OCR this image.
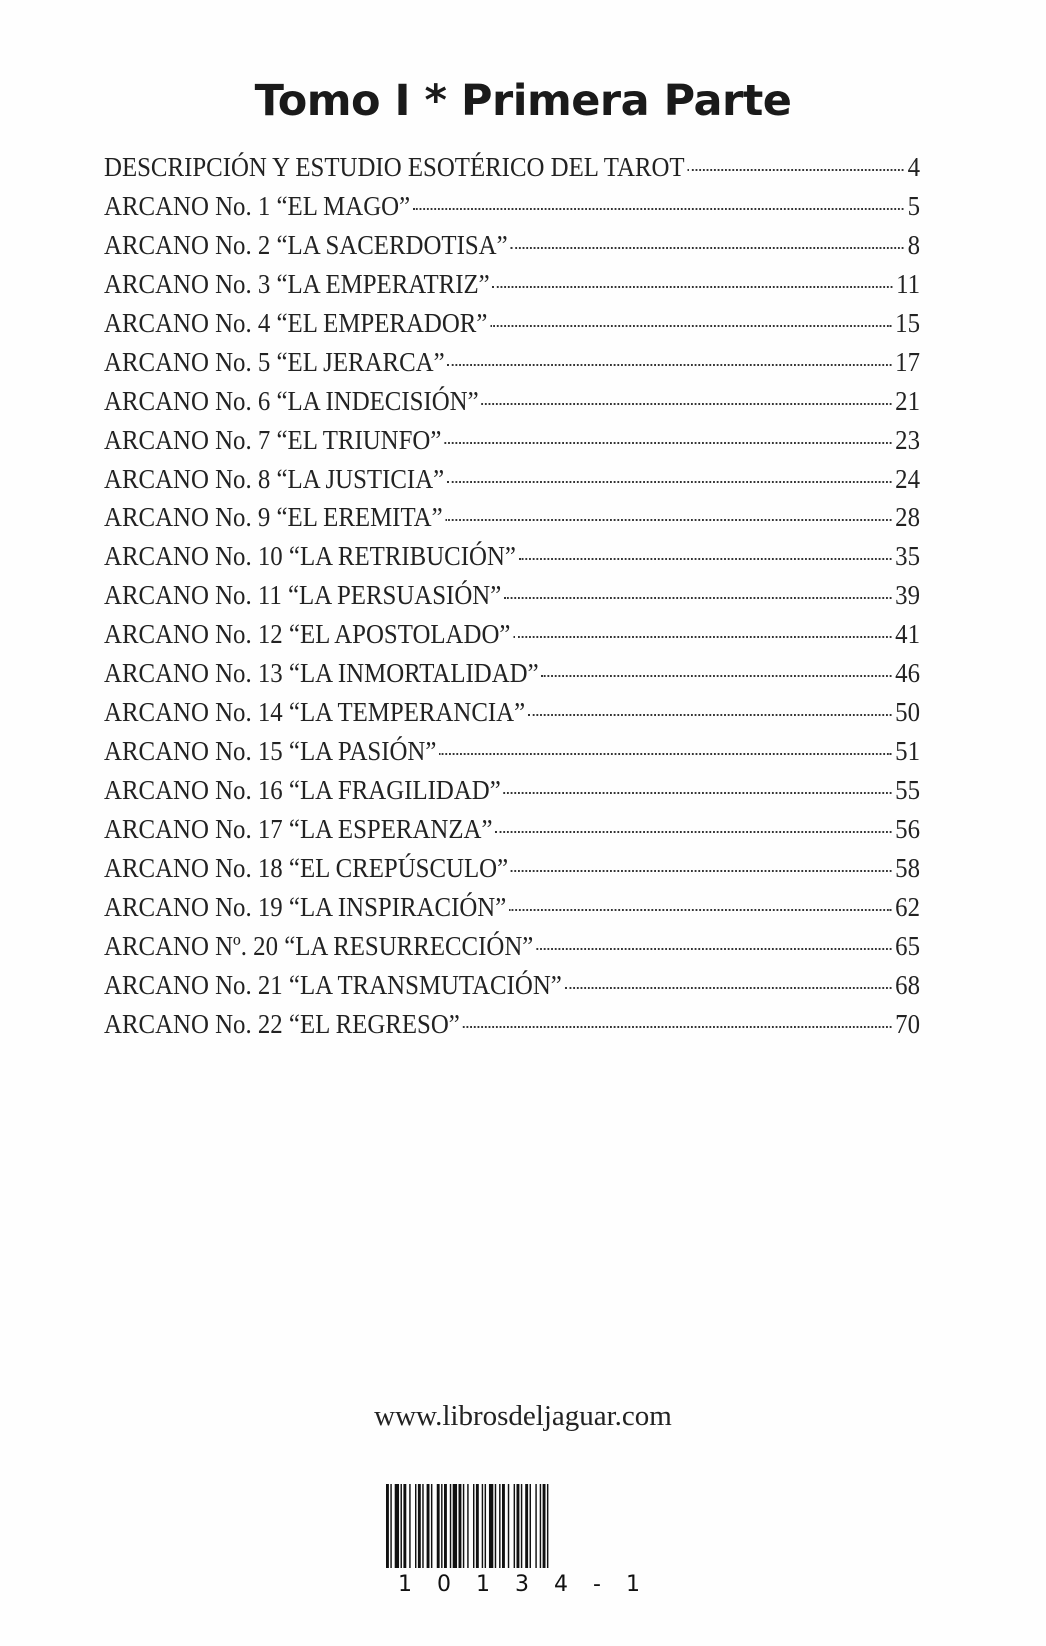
Tomo I * Primera Parte
DESCRIPCIÓN Y ESTUDIO ESOTÉRICO DEL TAROT	4
ARCANO No. 1 “EL MAGO”	5
ARCANO No. 2 “LA SACERDOTISA”	8
ARCANO No. 3 “LA EMPERATRIZ”	11
ARCANO No. 4 “EL EMPERADOR”	15
ARCANO No. 5 “EL JERARCA”	17
ARCANO No. 6 “LA INDECISIÓN”	21
ARCANO No. 7 “EL TRIUNFO”	23
ARCANO No. 8 “LA JUSTICIA”	24
ARCANO No. 9 “EL EREMITA”	28
ARCANO No. 10 “LA RETRIBUCIÓN”	35
ARCANO No. 11 “LA PERSUASIÓN”	39
ARCANO No. 12 “EL APOSTOLADO”	41
ARCANO No. 13 “LA INMORTALIDAD”	46
ARCANO No. 14 “LA TEMPERANCIA”	50
ARCANO No. 15 “LA PASIÓN”	51
ARCANO No. 16 “LA FRAGILIDAD”	55
ARCANO No. 17 “LA ESPERANZA”	56
ARCANO No. 18 “EL CREPÚSCULO”	58
ARCANO No. 19 “LA INSPIRACIÓN”	62
ARCANO Nº. 20 “LA RESURRECCIÓN”	65
ARCANO No. 21 “LA TRANSMUTACIÓN”	68
ARCANO No. 22 “EL REGRESO”	70
www.librosdeljaguar.com
1 0 1 3 4 - 1
